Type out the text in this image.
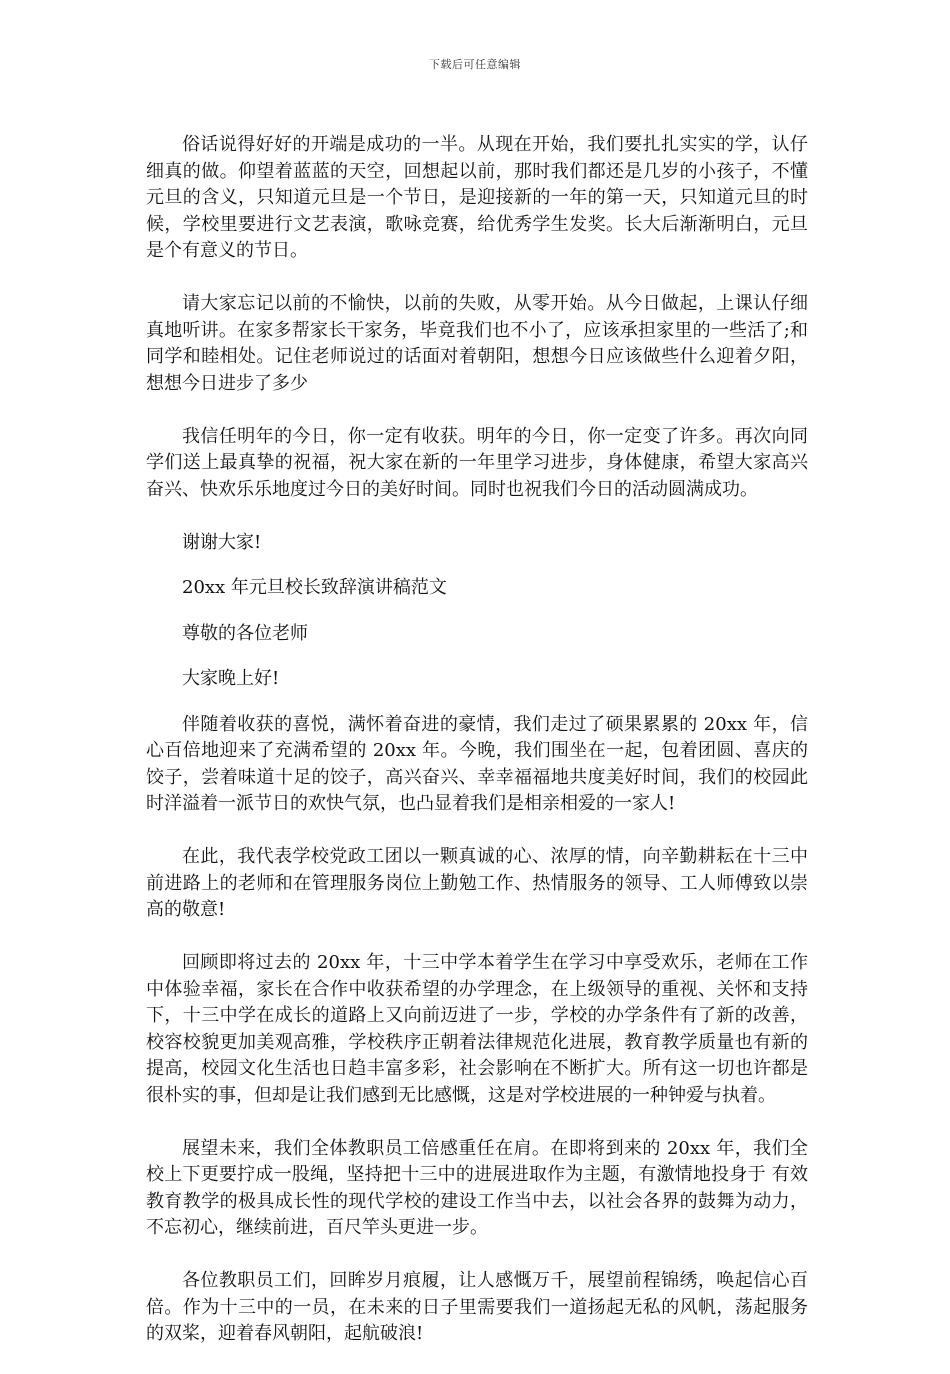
下载后可任意编辑

俗话说得好好的开端是成功的一半。从现在开始，我们要扎扎实实的学，认仔细真的做。仰望着蓝蓝的天空，回想起以前，那时我们都还是几岁的小孩子，不懂元旦的含义，只知道元旦是一个节日，是迎接新的一年的第一天，只知道元旦的时候，学校里要进行文艺表演，歌咏竞赛，给优秀学生发奖。长大后渐渐明白，元旦是个有意义的节日。

请大家忘记以前的不愉快，以前的失败，从零开始。从今日做起，上课认仔细真地听讲。在家多帮家长干家务，毕竟我们也不小了，应该承担家里的一些活了;和同学和睦相处。记住老师说过的话面对着朝阳，想想今日应该做些什么迎着夕阳，想想今日进步了多少

我信任明年的今日，你一定有收获。明年的今日，你一定变了许多。再次向同学们送上最真挚的祝福，祝大家在新的一年里学习进步，身体健康，希望大家高兴奋兴、快欢乐乐地度过今日的美好时间。同时也祝我们今日的活动圆满成功。

谢谢大家!

20xx 年元旦校长致辞演讲稿范文

尊敬的各位老师

大家晚上好!

伴随着收获的喜悦，满怀着奋进的豪情，我们走过了硕果累累的 20xx 年，信心百倍地迎来了充满希望的 20xx 年。今晚，我们围坐在一起，包着团圆、喜庆的饺子，尝着味道十足的饺子，高兴奋兴、幸幸福福地共度美好时间，我们的校园此时洋溢着一派节日的欢快气氛，也凸显着我们是相亲相爱的一家人!

在此，我代表学校党政工团以一颗真诚的心、浓厚的情，向辛勤耕耘在十三中前进路上的老师和在管理服务岗位上勤勉工作、热情服务的领导、工人师傅致以崇高的敬意!

回顾即将过去的 20xx 年，十三中学本着学生在学习中享受欢乐，老师在工作中体验幸福，家长在合作中收获希望的办学理念，在上级领导的重视、关怀和支持下，十三中学在成长的道路上又向前迈进了一步，学校的办学条件有了新的改善，校容校貌更加美观高雅，学校秩序正朝着法律规范化进展，教育教学质量也有新的提高，校园文化生活也日趋丰富多彩，社会影响在不断扩大。所有这一切也许都是很朴实的事，但却是让我们感到无比感慨，这是对学校进展的一种钟爱与执着。

展望未来，我们全体教职员工倍感重任在肩。在即将到来的 20xx 年，我们全校上下更要拧成一股绳，坚持把十三中的进展进取作为主题，有激情地投身于 有效教育教学的极具成长性的现代学校的建设工作当中去，以社会各界的鼓舞为动力，不忘初心，继续前进，百尺竿头更进一步。

各位教职员工们，回眸岁月痕履，让人感慨万千，展望前程锦绣，唤起信心百倍。作为十三中的一员，在未来的日子里需要我们一道扬起无私的风帆，荡起服务的双桨，迎着春风朝阳，起航破浪!
